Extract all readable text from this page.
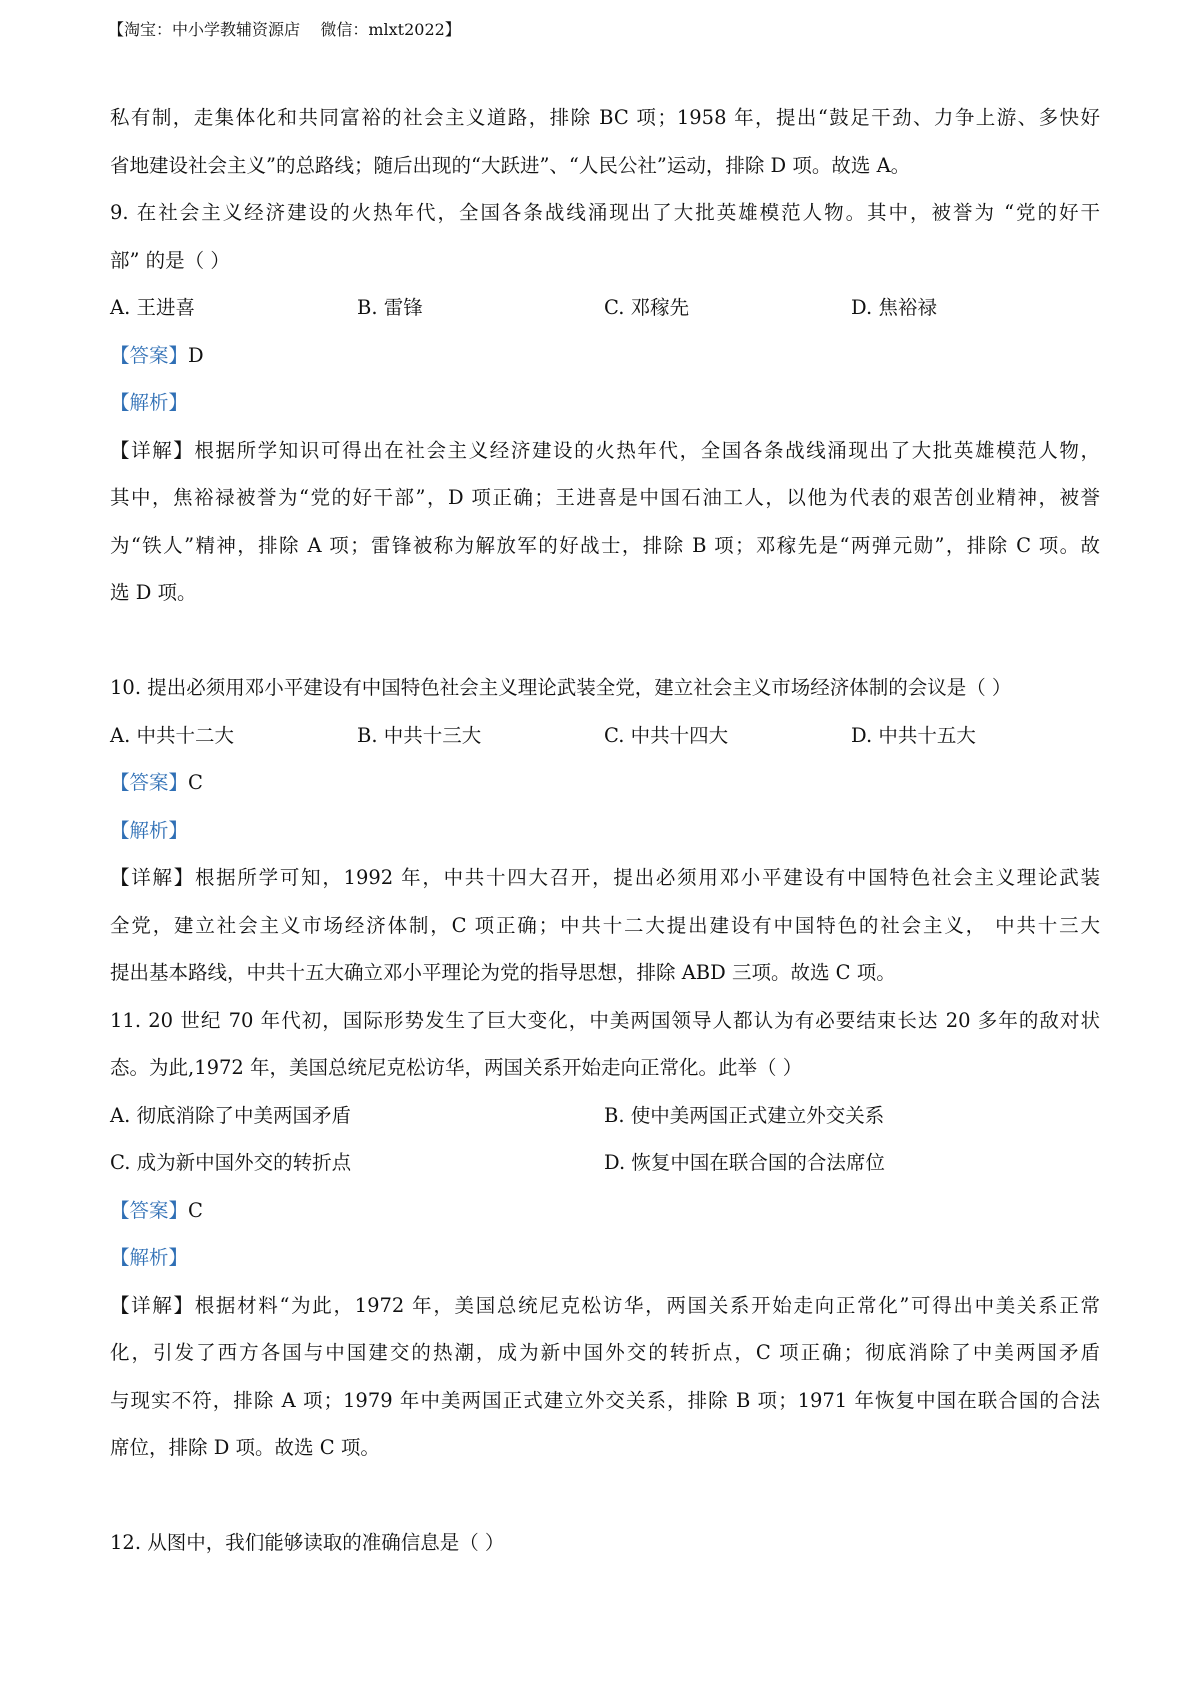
【淘宝：中小学教辅资源店    微信：mlxt2022】
私有制，走集体化和共同富裕的社会主义道路，排除 BC 项；1958 年，提出“鼓足干劲、力争上游、多快好
省地建设社会主义”的总路线；随后出现的“大跃进”、“人民公社”运动，排除 D 项。故选 A。
9. 在社会主义经济建设的火热年代，全国各条战线涌现出了大批英雄模范人物。其中，被誉为 “党的好干
部” 的是（ ）
A. 王进喜	B. 雷锋	C. 邓稼先	D. 焦裕禄
【答案】D
【解析】
【详解】根据所学知识可得出在社会主义经济建设的火热年代，全国各条战线涌现出了大批英雄模范人物，
其中，焦裕禄被誉为“党的好干部”，D 项正确；王进喜是中国石油工人，以他为代表的艰苦创业精神，被誉
为“铁人”精神，排除 A 项；雷锋被称为解放军的好战士，排除 B 项；邓稼先是“两弹元勋”，排除 C 项。故
选 D 项。
10. 提出必须用邓小平建设有中国特色社会主义理论武装全党，建立社会主义市场经济体制的会议是（ ）
A. 中共十二大	B. 中共十三大	C. 中共十四大	D. 中共十五大
【答案】C
【解析】
【详解】根据所学可知，1992 年，中共十四大召开，提出必须用邓小平建设有中国特色社会主义理论武装
全党，建立社会主义市场经济体制，C 项正确；中共十二大提出建设有中国特色的社会主义， 中共十三大
提出基本路线，中共十五大确立邓小平理论为党的指导思想，排除 ABD 三项。故选 C 项。
11. 20 世纪 70 年代初，国际形势发生了巨大变化，中美两国领导人都认为有必要结束长达 20 多年的敌对状
态。为此,1972 年，美国总统尼克松访华，两国关系开始走向正常化。此举（ ）
A. 彻底消除了中美两国矛盾	B. 使中美两国正式建立外交关系
C. 成为新中国外交的转折点	D. 恢复中国在联合国的合法席位
【答案】C
【解析】
【详解】根据材料“为此，1972 年，美国总统尼克松访华，两国关系开始走向正常化”可得出中美关系正常
化，引发了西方各国与中国建交的热潮，成为新中国外交的转折点，C 项正确；彻底消除了中美两国矛盾
与现实不符，排除 A 项；1979 年中美两国正式建立外交关系，排除 B 项；1971 年恢复中国在联合国的合法
席位，排除 D 项。故选 C 项。
12. 从图中，我们能够读取的准确信息是（ ）
